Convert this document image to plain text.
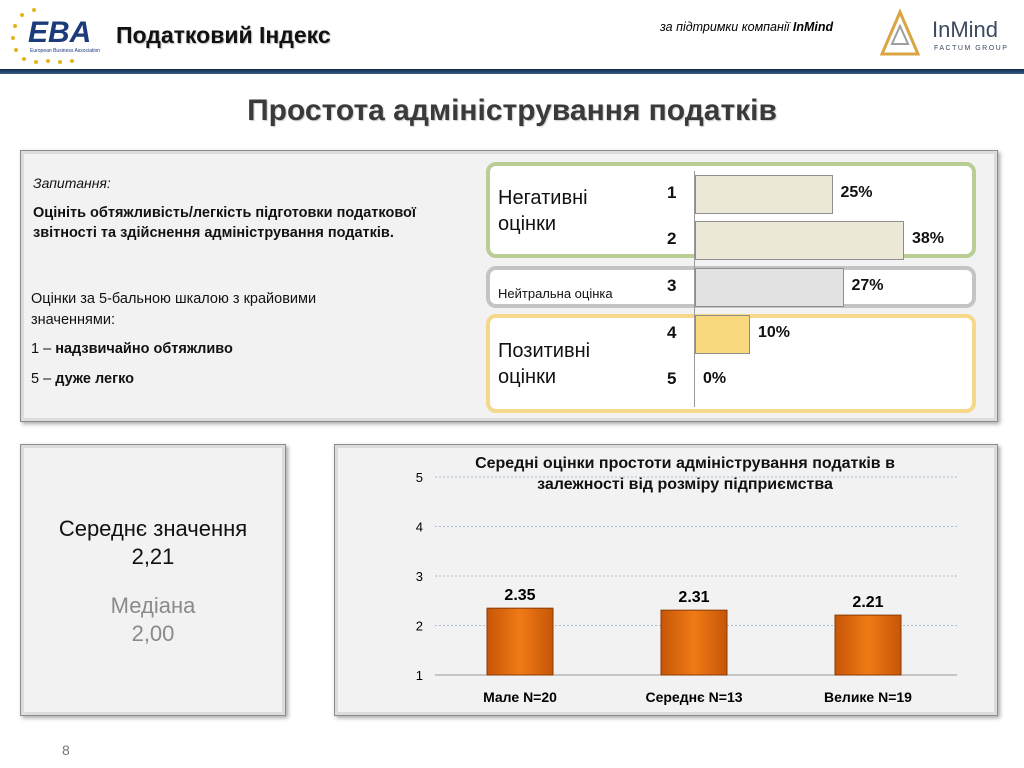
EBA
European Business Association
Податковий Індекс	за підтримки компанії InMind	InMind
FACTUM GROUP
Простота адміністрування податків
Запитання:
Оцініть обтяжливість/легкість підготовки податкової звітності та здійснення адміністрування податків.
Оцінки за 5-бальною шкалою з крайовими значеннями:
1 – надзвичайно обтяжливо
5 – дуже легко
Негативні оцінки
Нейтральна оцінка
Позитивні оцінки
1	25%
2	38%
3	27%
4	10%
5 0%
Середнє значення
2,21
Медіана
2,00
1
2
3
4
5
2.35
Мале N=20
2.31
Середнє N=13
2.21
Велике N=19
Середні оцінки простоти адміністрування податків в залежності від розміру підприємства
8
